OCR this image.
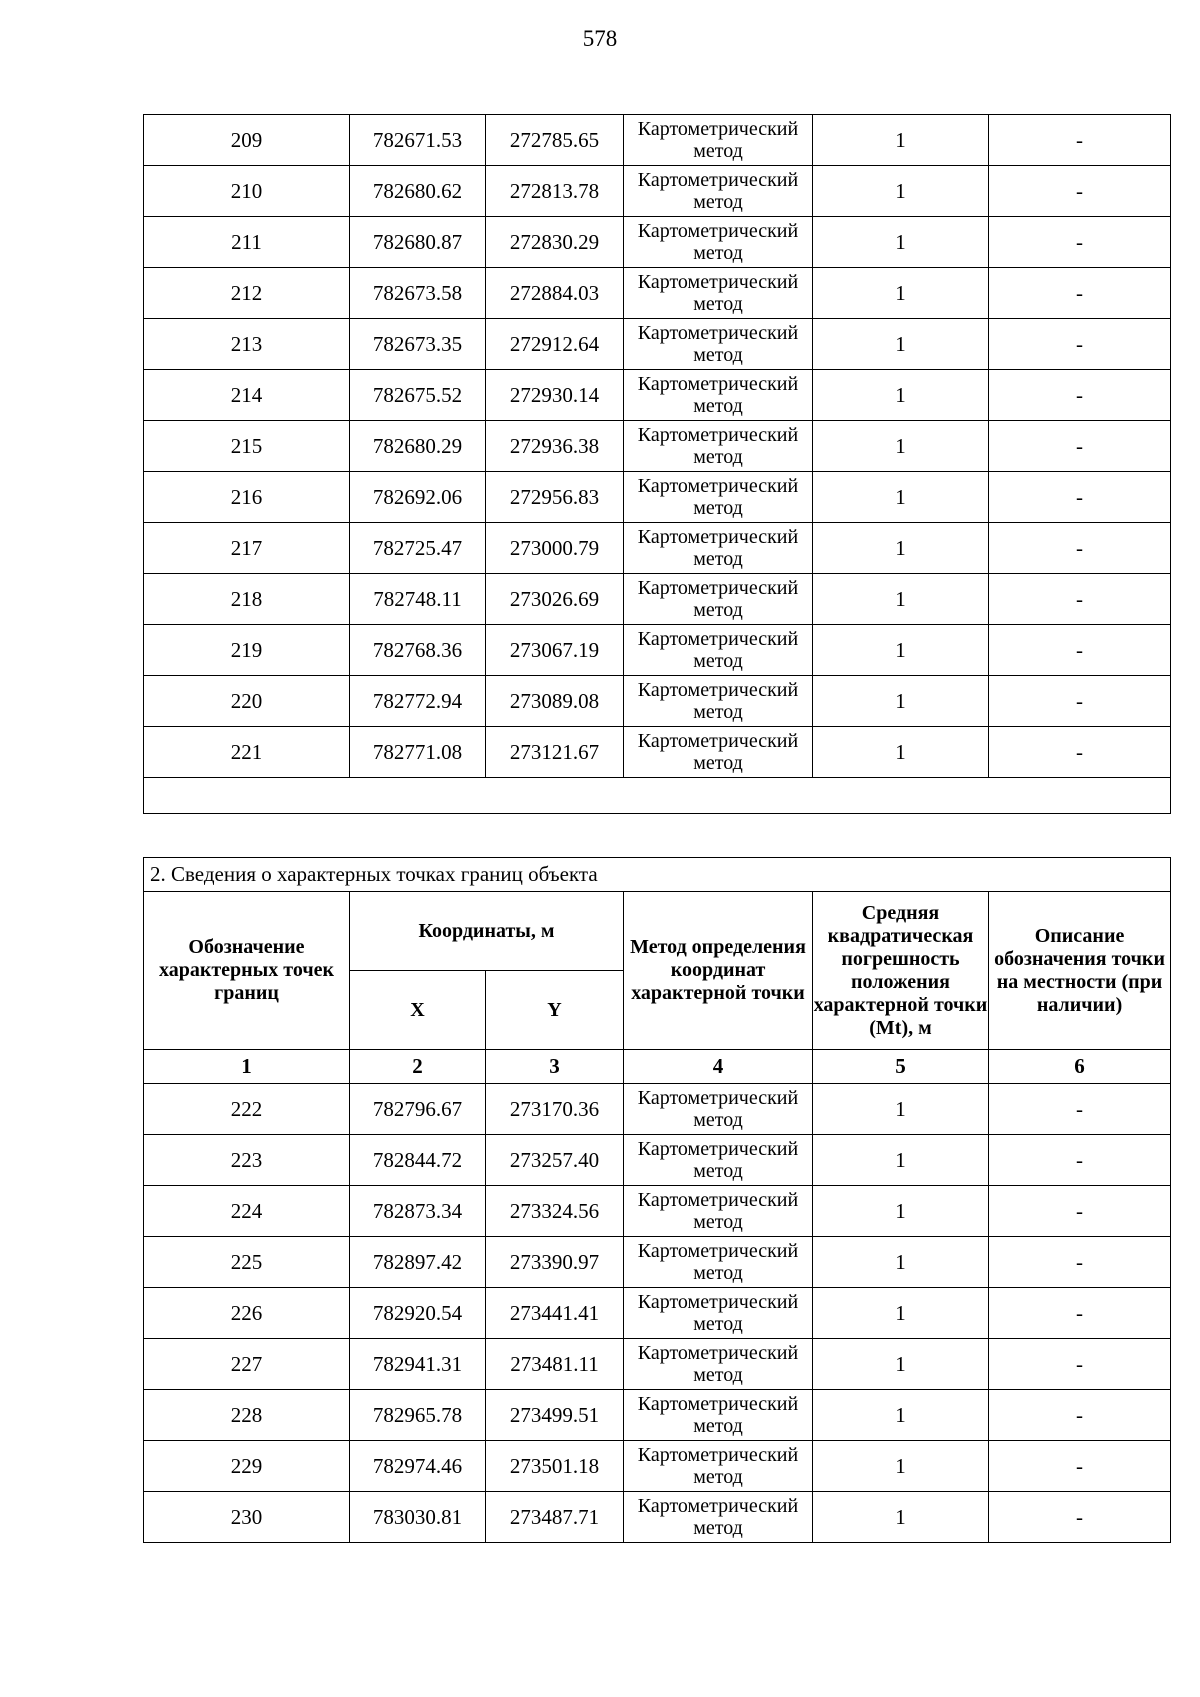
578
209	782671.53	272785.65	Картометрический метод	1	-
210	782680.62	272813.78	Картометрический метод	1	-
211	782680.87	272830.29	Картометрический метод	1	-
212	782673.58	272884.03	Картометрический метод	1	-
213	782673.35	272912.64	Картометрический метод	1	-
214	782675.52	272930.14	Картометрический метод	1	-
215	782680.29	272936.38	Картометрический метод	1	-
216	782692.06	272956.83	Картометрический метод	1	-
217	782725.47	273000.79	Картометрический метод	1	-
218	782748.11	273026.69	Картометрический метод	1	-
219	782768.36	273067.19	Картометрический метод	1	-
220	782772.94	273089.08	Картометрический метод	1	-
221	782771.08	273121.67	Картометрический метод	1	-

2. Сведения о характерных точках границ объекта					
Обозначение характерных точек границ	Координаты, м		Метод определения координат характерной точки	Средняя квадратическая погрешность положения характерной точки (Mt), м	Описание обозначения точки на местности (при наличии)
	X	Y			
1	2	3	4	5	6
222	782796.67	273170.36	Картометрический метод	1	-
223	782844.72	273257.40	Картометрический метод	1	-
224	782873.34	273324.56	Картометрический метод	1	-
225	782897.42	273390.97	Картометрический метод	1	-
226	782920.54	273441.41	Картометрический метод	1	-
227	782941.31	273481.11	Картометрический метод	1	-
228	782965.78	273499.51	Картометрический метод	1	-
229	782974.46	273501.18	Картометрический метод	1	-
230	783030.81	273487.71	Картометрический метод	1	-
